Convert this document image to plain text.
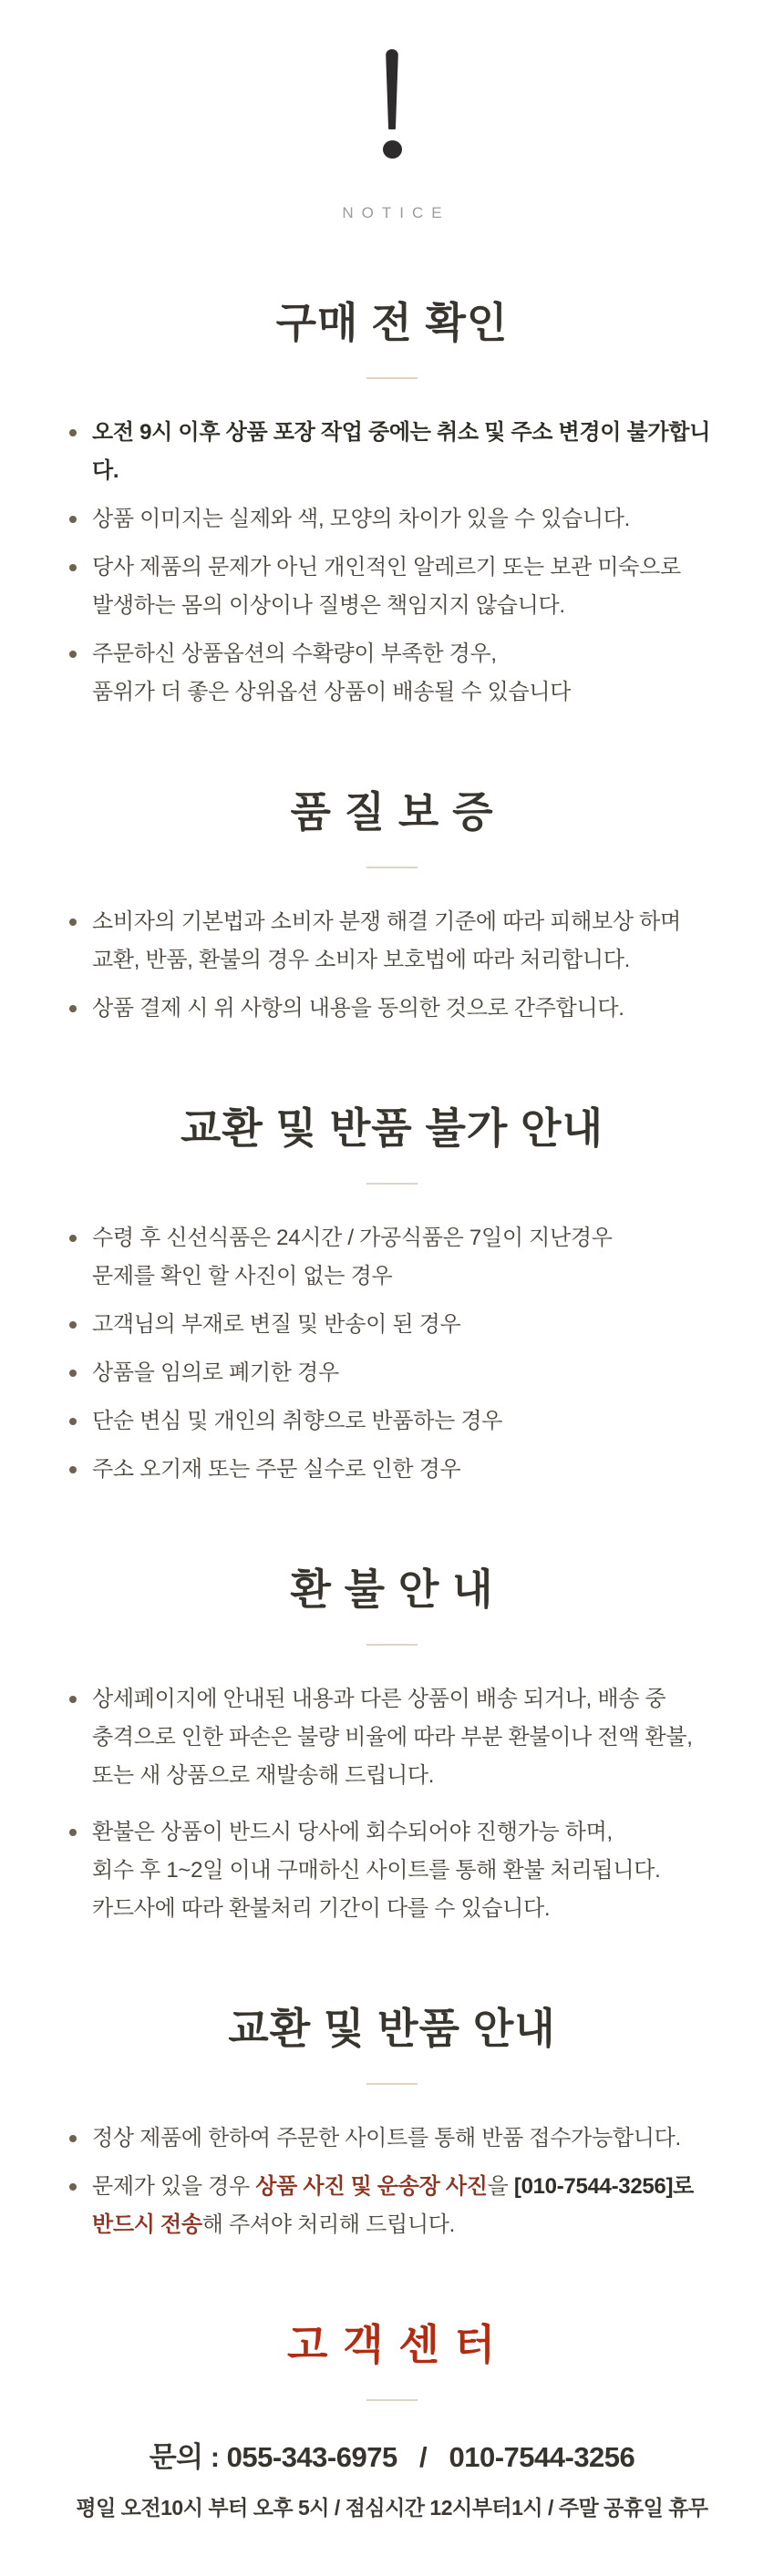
NOTICE
구매 전 확인
오전 9시 이후 상품 포장 작업 중에는 취소 및 주소 변경이 불가합니다.
상품 이미지는 실제와 색, 모양의 차이가 있을 수 있습니다.
당사 제품의 문제가 아닌 개인적인 알레르기 또는 보관 미숙으로
발생하는 몸의 이상이나 질병은 책임지지 않습니다.
주문하신 상품옵션의 수확량이 부족한 경우,
품위가 더 좋은 상위옵션 상품이 배송될 수 있습니다
품 질 보 증
소비자의 기본법과 소비자 분쟁 해결 기준에 따라 피해보상 하며
교환, 반품, 환불의 경우 소비자 보호법에 따라 처리합니다.
상품 결제 시 위 사항의 내용을 동의한 것으로 간주합니다.
교환 및 반품 불가 안내
수령 후 신선식품은 24시간 / 가공식품은 7일이 지난경우
문제를 확인 할 사진이 없는 경우
고객님의 부재로 변질 및 반송이 된 경우
상품을 임의로 폐기한 경우
단순 변심 및 개인의 취향으로 반품하는 경우
주소 오기재 또는 주문 실수로 인한 경우
환 불 안 내
상세페이지에 안내된 내용과 다른 상품이 배송 되거나, 배송 중
충격으로 인한 파손은 불량 비율에 따라 부분 환불이나 전액 환불,
또는 새 상품으로 재발송해 드립니다.
환불은 상품이 반드시 당사에 회수되어야 진행가능 하며,
회수 후 1~2일 이내 구매하신 사이트를 통해 환불 처리됩니다.
카드사에 따라 환불처리 기간이 다를 수 있습니다.
교환 및 반품 안내
정상 제품에 한하여 주문한 사이트를 통해 반품 접수가능합니다.
문제가 있을 경우 상품 사진 및 운송장 사진을 [010-7544-3256]로
반드시 전송해 주셔야 처리해 드립니다.
고 객 센 터
문의 : 055-343-6975   /   010-7544-3256
평일 오전10시 부터 오후 5시 / 점심시간 12시부터1시 / 주말 공휴일 휴무
